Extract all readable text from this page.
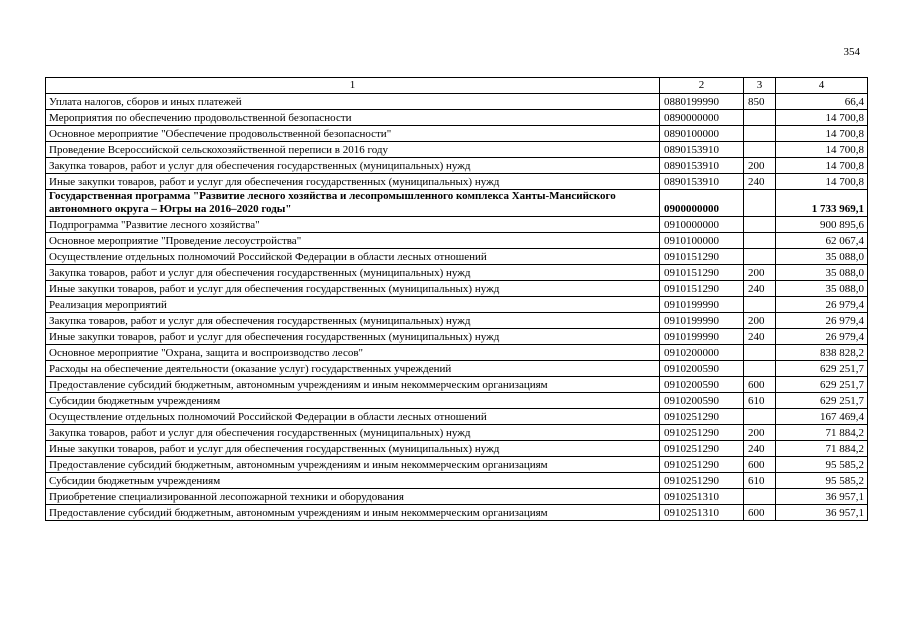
354
1	2	3	4
Уплата налогов, сборов и иных платежей	0880199990	850	66,4
Мероприятия по обеспечению продовольственной безопасности	0890000000		14 700,8
Основное мероприятие "Обеспечение продовольственной безопасности"	0890100000		14 700,8
Проведение Всероссийской сельскохозяйственной переписи в 2016 году	0890153910		14 700,8
Закупка товаров, работ и услуг для обеспечения государственных (муниципальных) нужд	0890153910	200	14 700,8
Иные закупки товаров, работ и услуг для обеспечения государственных (муниципальных) нужд	0890153910	240	14 700,8
Государственная программа "Развитие лесного хозяйства и лесопромышленного комплекса Ханты-Мансийского автономного округа – Югры на 2016–2020 годы"	0900000000		1 733 969,1
Подпрограмма "Развитие лесного хозяйства"	0910000000		900 895,6
Основное мероприятие "Проведение лесоустройства"	0910100000		62 067,4
Осуществление отдельных полномочий Российской Федерации в области лесных отношений	0910151290		35 088,0
Закупка товаров, работ и услуг для обеспечения государственных (муниципальных) нужд	0910151290	200	35 088,0
Иные закупки товаров, работ и услуг для обеспечения государственных (муниципальных) нужд	0910151290	240	35 088,0
Реализация мероприятий	0910199990		26 979,4
Закупка товаров, работ и услуг для обеспечения государственных (муниципальных) нужд	0910199990	200	26 979,4
Иные закупки товаров, работ и услуг для обеспечения государственных (муниципальных) нужд	0910199990	240	26 979,4
Основное мероприятие "Охрана, защита и воспроизводство лесов"	0910200000		838 828,2
Расходы на обеспечение деятельности (оказание услуг) государственных учреждений	0910200590		629 251,7
Предоставление субсидий бюджетным, автономным учреждениям и иным некоммерческим организациям	0910200590	600	629 251,7
Субсидии бюджетным учреждениям	0910200590	610	629 251,7
Осуществление отдельных полномочий Российской Федерации в области лесных отношений	0910251290		167 469,4
Закупка товаров, работ и услуг для обеспечения государственных (муниципальных) нужд	0910251290	200	71 884,2
Иные закупки товаров, работ и услуг для обеспечения государственных (муниципальных) нужд	0910251290	240	71 884,2
Предоставление субсидий бюджетным, автономным учреждениям и иным некоммерческим организациям	0910251290	600	95 585,2
Субсидии бюджетным учреждениям	0910251290	610	95 585,2
Приобретение специализированной лесопожарной техники и оборудования	0910251310		36 957,1
Предоставление субсидий бюджетным, автономным учреждениям и иным некоммерческим организациям	0910251310	600	36 957,1
